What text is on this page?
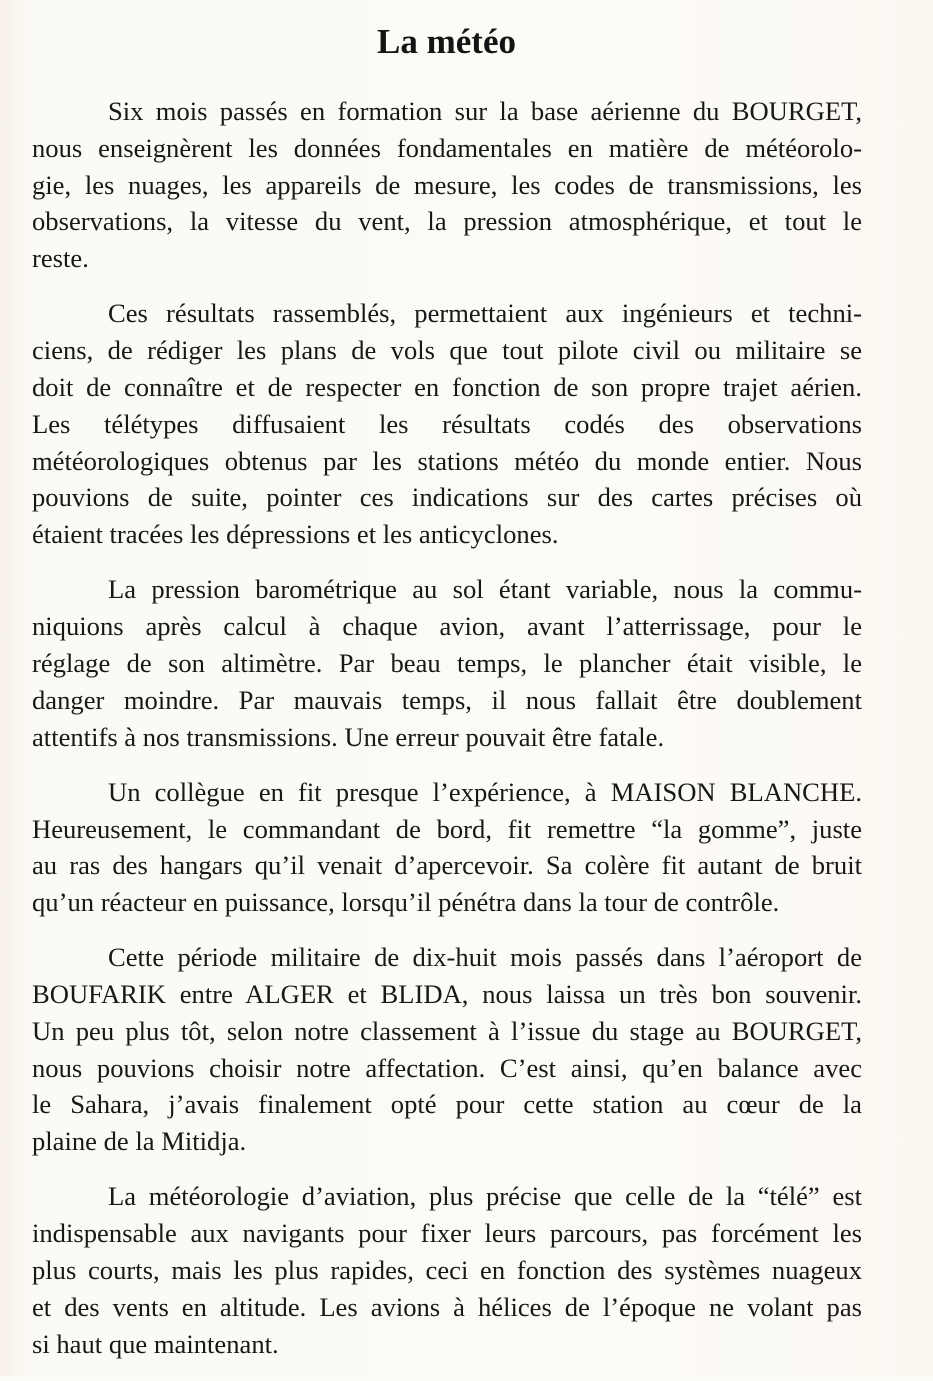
La météo
Six mois passés en formation sur la base aérienne du BOURGET,
nous enseignèrent les données fondamentales en matière de météorolo-
gie, les nuages, les appareils de mesure, les codes de transmissions, les
observations, la vitesse du vent, la pression atmosphérique, et tout le
reste.
Ces résultats rassemblés, permettaient aux ingénieurs et techni-
ciens, de rédiger les plans de vols que tout pilote civil ou militaire se
doit de connaître et de respecter en fonction de son propre trajet aérien.
Les télétypes diffusaient les résultats codés des observations
météorologiques obtenus par les stations météo du monde entier. Nous
pouvions de suite, pointer ces indications sur des cartes précises où
étaient tracées les dépressions et les anticyclones.
La pression barométrique au sol étant variable, nous la commu-
niquions après calcul à chaque avion, avant l’atterrissage, pour le
réglage de son altimètre. Par beau temps, le plancher était visible, le
danger moindre. Par mauvais temps, il nous fallait être doublement
attentifs à nos transmissions. Une erreur pouvait être fatale.
Un collègue en fit presque l’expérience, à MAISON BLANCHE.
Heureusement, le commandant de bord, fit remettre “la gomme”, juste
au ras des hangars qu’il venait d’apercevoir. Sa colère fit autant de bruit
qu’un réacteur en puissance, lorsqu’il pénétra dans la tour de contrôle.
Cette période militaire de dix-huit mois passés dans l’aéroport de
BOUFARIK entre ALGER et BLIDA, nous laissa un très bon souvenir.
Un peu plus tôt, selon notre classement à l’issue du stage au BOURGET,
nous pouvions choisir notre affectation. C’est ainsi, qu’en balance avec
le Sahara, j’avais finalement opté pour cette station au cœur de la
plaine de la Mitidja.
La météorologie d’aviation, plus précise que celle de la “télé” est
indispensable aux navigants pour fixer leurs parcours, pas forcément les
plus courts, mais les plus rapides, ceci en fonction des systèmes nuageux
et des vents en altitude. Les avions à hélices de l’époque ne volant pas
si haut que maintenant.
